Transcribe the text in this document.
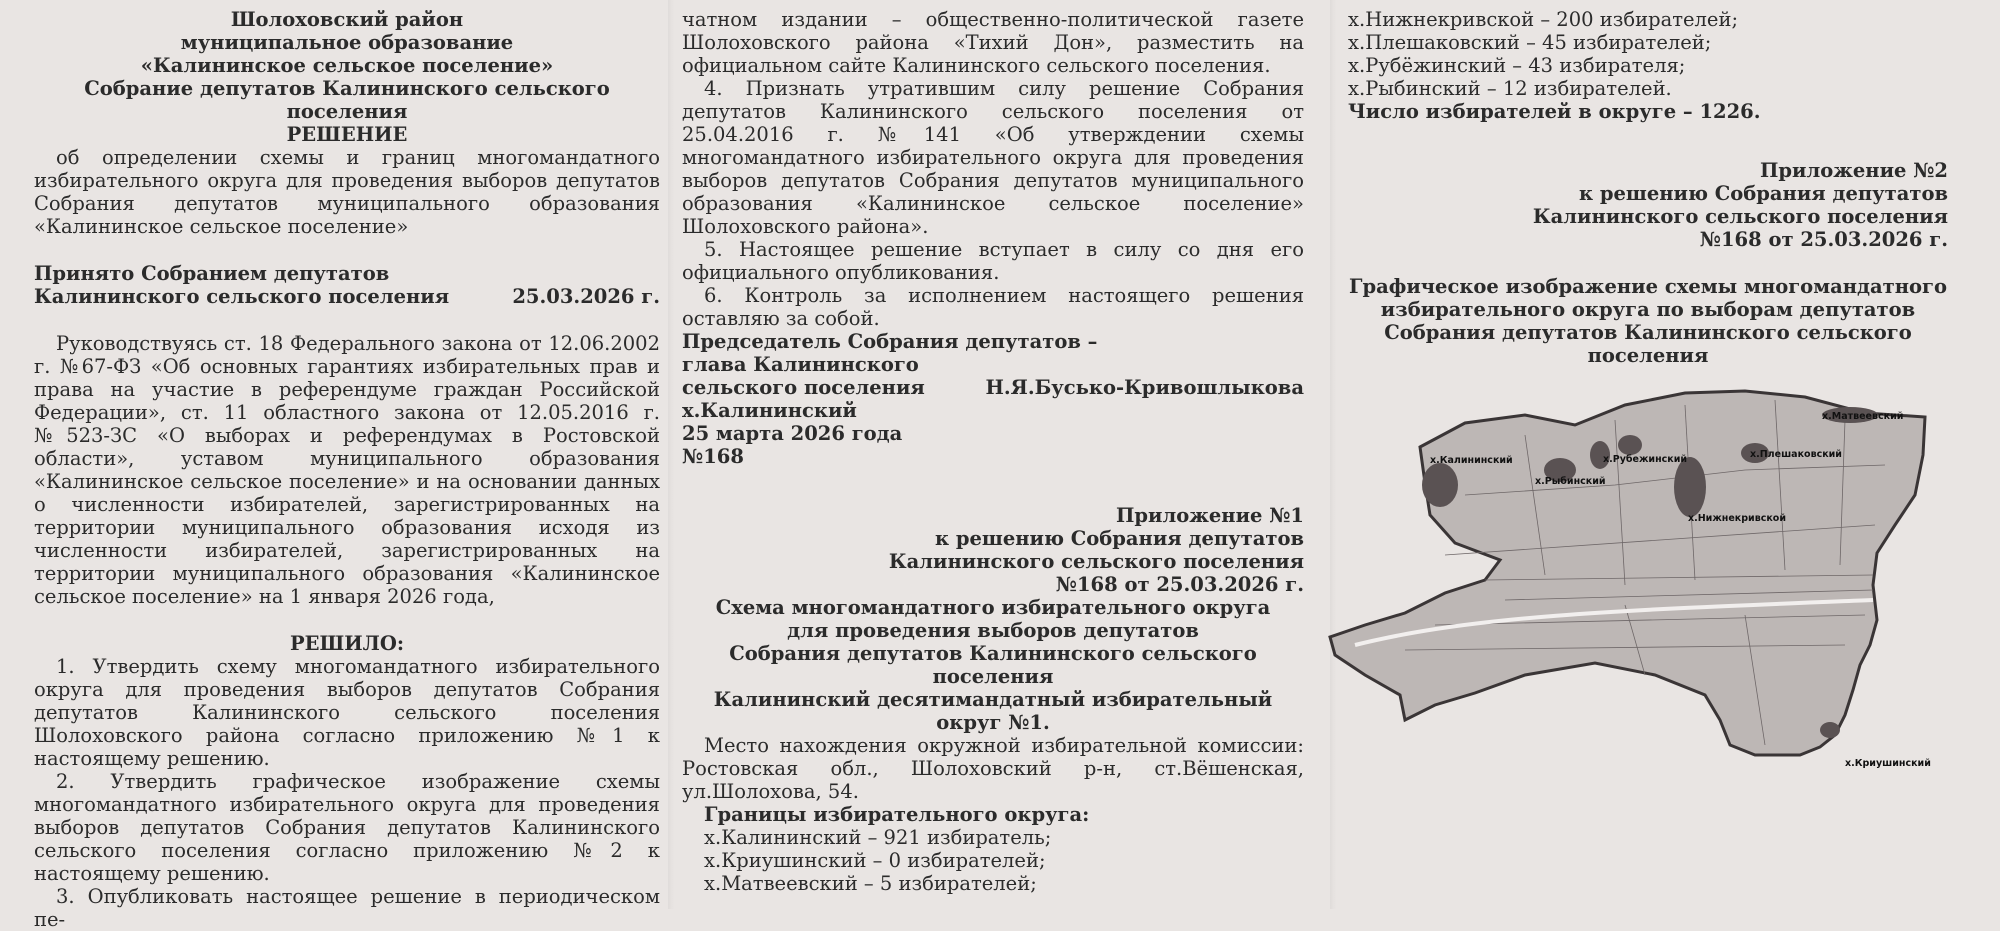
Шолоховский район

муниципальное образование

«Калининское сельское поселение»

Собрание депутатов Калининского сельского поселения

РЕШЕНИЕ

об определении схемы и границ многомандатного избирательного округа для проведения выборов депутатов Собрания депутатов муниципального образования «Калининское сельское поселение»

Принято Собранием депутатов

Калининского сельского поселения	25.03.2026 г.

Руководствуясь ст. 18 Федерального закона от 12.06.2002 г. №67-ФЗ «Об основных гарантиях избирательных прав и права на участие в референдуме граждан Российской Федерации», ст. 11 областного закона от 12.05.2016 г. №523-ЗС «О выборах и референдумах в Ростовской области», уставом муниципального образования «Калининское сельское поселение» и на основании данных о численности избирателей, зарегистрированных на территории муниципального образования исходя из численности избирателей, зарегистрированных на территории муниципального образования «Калининское сельское поселение» на 1 января 2026 года,

РЕШИЛО:

1. Утвердить схему многомандатного избирательного округа для проведения выборов депутатов Собрания депутатов Калининского сельского поселения Шолоховского района согласно приложению №1 к настоящему решению.

2. Утвердить графическое изображение схемы многомандатного избирательного округа для проведения выборов депутатов Собрания депутатов Калининского сельского поселения согласно приложению №2 к настоящему решению.

3. Опубликовать настоящее решение в периодическом пе-

чатном издании – общественно-политической газете Шолоховского района «Тихий Дон», разместить на официальном сайте Калининского сельского поселения.

4. Признать утратившим силу решение Собрания депутатов Калининского сельского поселения от 25.04.2016 г. №141 «Об утверждении схемы многомандатного избирательного округа для проведения выборов депутатов Собрания депутатов муниципального образования «Калининское сельское поселение» Шолоховского района».

5. Настоящее решение вступает в силу со дня его официального опубликования.

6. Контроль за исполнением настоящего решения оставляю за собой.

Председатель Собрания депутатов –

глава Калининского

сельского поселения	Н.Я.Бусько-Кривошлыкова

х.Калининский

25 марта 2026 года

№168

Приложение №1

к решению Собрания депутатов

Калининского сельского поселения

№168 от 25.03.2026 г.

Схема многомандатного избирательного округа

для проведения выборов депутатов

Собрания депутатов Калининского сельского поселения

Калининский десятимандатный избирательный округ №1.

Место нахождения окружной избирательной комиссии: Ростовская обл., Шолоховский р-н, ст.Вёшенская, ул.Шолохова, 54.

Границы избирательного округа:

х.Калининский – 921 избиратель;

х.Криушинский – 0 избирателей;

х.Матвеевский – 5 избирателей;

х.Нижнекривской – 200 избирателей;

х.Плешаковский – 45 избирателей;

х.Рубёжинский – 43 избирателя;

х.Рыбинский – 12 избирателей.

Число избирателей в округе – 1226.

Приложение №2

к решению Собрания депутатов

Калининского сельского поселения

№168 от 25.03.2026 г.

Графическое изображение схемы многомандатного

избирательного округа по выборам депутатов

Собрания депутатов Калининского сельского поселения

х.Калининский
х.Рыбинский
х.Рубежинский
х.Матвеевский
х.Плешаковский
х.Нижнекривской
х.Криушинский
